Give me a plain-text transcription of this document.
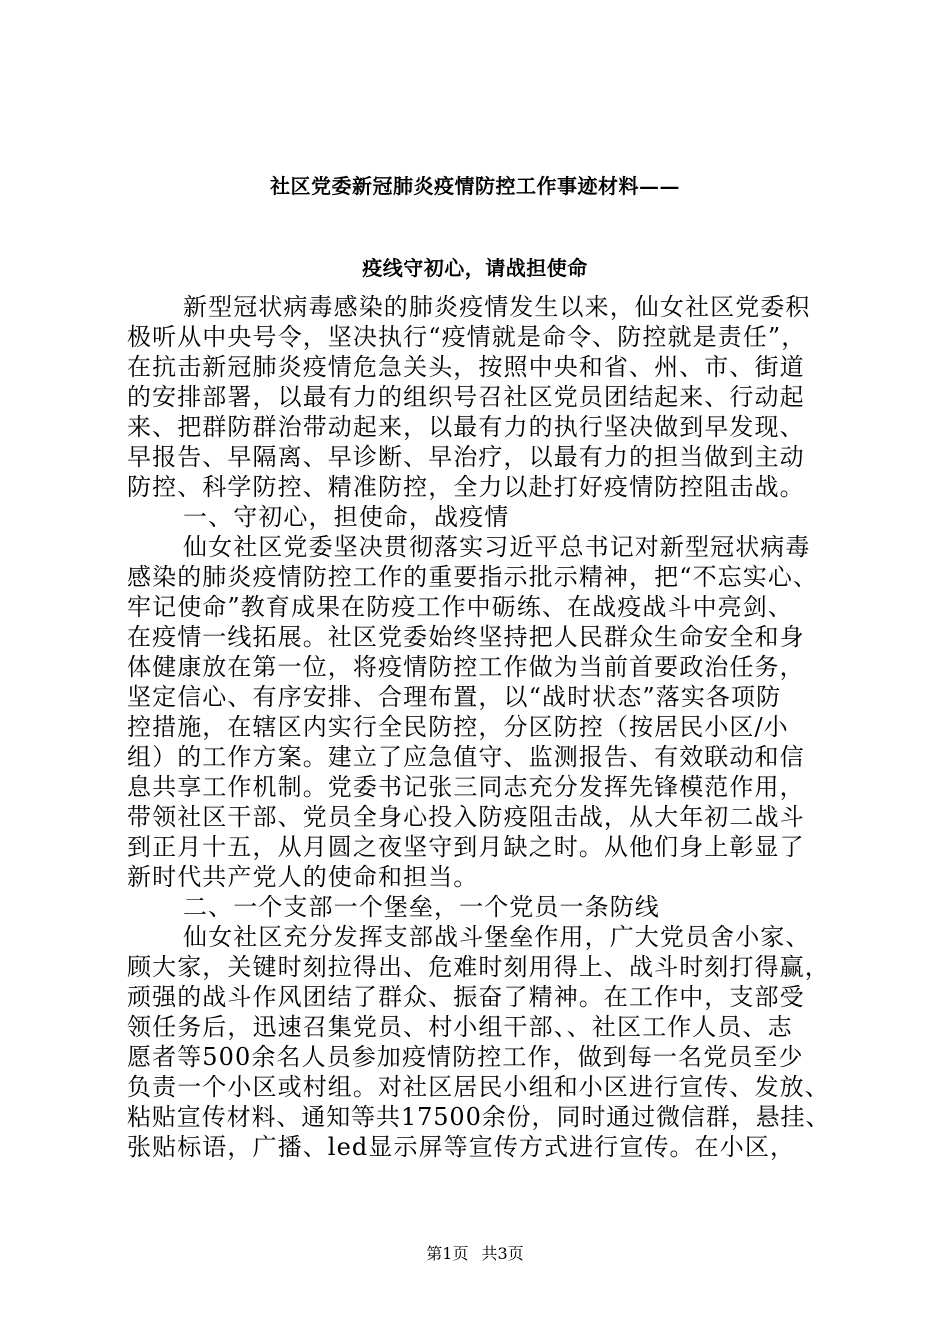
社区党委新冠肺炎疫情防控工作事迹材料——
疫线守初心，请战担使命
新型冠状病毒感染的肺炎疫情发生以来，仙女社区党委积
极听从中央号令，坚决执行“疫情就是命令、防控就是责任”，
在抗击新冠肺炎疫情危急关头，按照中央和省、州、市、街道
的安排部署，以最有力的组织号召社区党员团结起来、行动起
来、把群防群治带动起来，以最有力的执行坚决做到早发现、
早报告、早隔离、早诊断、早治疗，以最有力的担当做到主动
防控、科学防控、精准防控，全力以赴打好疫情防控阻击战。
一、守初心，担使命，战疫情
仙女社区党委坚决贯彻落实习近平总书记对新型冠状病毒
感染的肺炎疫情防控工作的重要指示批示精神，把“不忘实心、
牢记使命”教育成果在防疫工作中砺练、在战疫战斗中亮剑、
在疫情一线拓展。社区党委始终坚持把人民群众生命安全和身
体健康放在第一位，将疫情防控工作做为当前首要政治任务，
坚定信心、有序安排、合理布置，以“战时状态”落实各项防
控措施，在辖区内实行全民防控，分区防控（按居民小区/小
组）的工作方案。建立了应急值守、监测报告、有效联动和信
息共享工作机制。党委书记张三同志充分发挥先锋模范作用，
带领社区干部、党员全身心投入防疫阻击战，从大年初二战斗
到正月十五，从月圆之夜坚守到月缺之时。从他们身上彰显了
新时代共产党人的使命和担当。
二、一个支部一个堡垒，一个党员一条防线
仙女社区充分发挥支部战斗堡垒作用，广大党员舍小家、
顾大家，关键时刻拉得出、危难时刻用得上、战斗时刻打得赢，
顽强的战斗作风团结了群众、振奋了精神。在工作中，支部受
领任务后，迅速召集党员、村小组干部、、社区工作人员、志
愿者等500余名人员参加疫情防控工作，做到每一名党员至少
负责一个小区或村组。对社区居民小组和小区进行宣传、发放、
粘贴宣传材料、通知等共17500余份，同时通过微信群，悬挂、
张贴标语，广播、led显示屏等宣传方式进行宣传。在小区，
第1页 共3页
